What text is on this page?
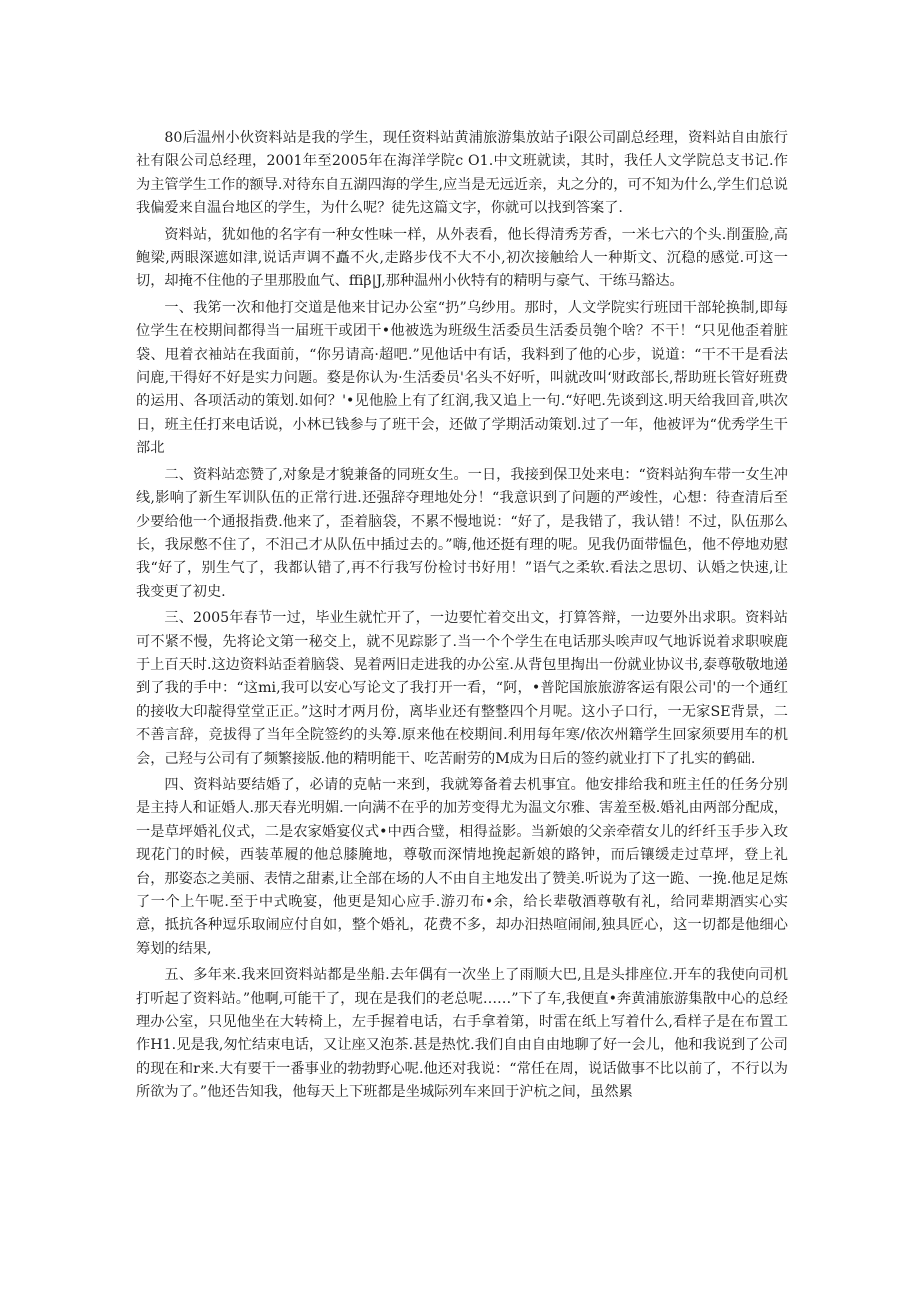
80后温州小伙资料站是我的学生，现任资料站黄浦旅游集放站子i限公司副总经理，资料站自由旅行社有限公司总经理，2001年至2005年在海洋学院c O1.中文班就读，其时，我任人文学院总支书记.作为主管学生工作的额导.对待东自五湖四海的学生,应当是无远近亲，丸之分的，可不知为什么,学生们总说我偏爱来自温台地区的学生，为什么呢？徒先这篇文字，你就可以找到答案了.

资料站，犹如他的名字有一种女性味一样，从外表看，他长得清秀芳香，一米七六的个头.削蛋脸,高鲍梁,两眼深遮如津,说话声调不矗不火,走路步伐不大不小,初次接触给人一种斯文、沉稳的感觉.可这一切，却掩不住他的子里那股血气、ffiβ|J,那种温州小伙特有的精明与豪气、干练马豁达。

一、我笫一次和他打交道是他来甘记办公室“扔”乌纱用。那时，人文学院实行班団干部轮换制,即每位学生在校期间都得当一届班干或团干•他被选为班级生活委员生活委员匏个啥？不干！“只见他歪着脏袋、甩着衣袖站在我面前，“你另请高·超吧.”见他话中有话，我料到了他的心步，说道：“干不干是看法问鹿,干得好不好是实力问题。婺是你认为·生活委员'名头不好听，叫就改叫‘财政部长,帮助班长管好班费的运用、各项活动的策划.如何？'•见他脸上有了红润,我又追上一句.“好吧.先谈到这.明天给我回音,哄次日，班主任打来电话说，小林已钱参与了班干会，还做了学期活动策划.过了一年，他被评为“优秀学生干部北

二、资料站恋赞了,对象是才貌兼备的同班女生。一日，我接到保卫处来电：“资料站狗车带一女生冲线,影响了新生军训队伍的正常行进.还强辞夺理地处分！“我意识到了问题的严竣性，心想：待查清后至少要给他一个通报指费.他来了，歪着脑袋，不累不慢地说：“好了，是我错了，我认错！不过，队伍那么长，我尿憋不住了，不汨己才从队伍中插过去的。”嗨,他还挺有理的呢。见我仍面带愠色，他不停地劝慰我“好了，别生气了，我都认错了,再不行我写份检讨书好用！”语气之柔软.看法之思切、认婚之快速,让我变更了初史.

三、2005年春节一过，毕业生就忙开了，一边要忙着交出文，打算答辩，一边要外出求职。资料站可不紧不慢，先将论文第一秘交上，就不见踪影了.当一个个学生在电话那头唉声叹气地诉说着求职唳鹿于上百天时.这边资料站歪着脑袋、晃着两旧走进我的办公室.从背包里掏出一份就业协议书,泰尊敬敬地递到了我的手中：“这mi,我可以安心写论文了我打开一看，“阿，•普陀国旅旅游客运有限公司'的一个通红的接收大印靛得堂堂正正。”这时才两月份，离毕业还有整整四个月呢。这小子口行，一无家SE背景，二不善言辞，竞拔得了当年全院签约的头筹.原来他在校期间.利用每年寒/依次州籍学生回家须要用车的机会，己羟与公司有了频繁接版.他的精明能干、吃苦耐劳的M成为日后的签约就业打下了扎实的鹤础.

四、资料站要结婚了，必请的克帖一来到，我就筹备着去机事宜。他安排给我和班主任的任务分别是主持人和证婚人.那天春光明媚.一向满不在乎的加芳变得尤为温文尔雅、害羞至极.婚礼由两部分配成，一是草坪婚礼仪式，二是农家婚宴仪式•中西合璧，相得益影。当新娘的父亲牵蓿女儿的纤纤玉手步入玫现花门的时候，西装革履的他总膝腌地，尊敬而深情地挽起新娘的路钟，而后镶缓走过草坪，登上礼台，那姿态之美丽、表情之甜素,让全部在场的人不由自主地发出了赞美.听说为了这一跪、一挽.他足足炼了一个上午呢.至于中式晚宴，他更是知心应手.游刃布•余，给长辈敬酒尊敬有礼，给同辈期酒实心实意，抵抗各种逗乐取闹应付自如，整个婚礼，花费不多，却办汨热喧闹闹,独具匠心，这一切都是他细心筹划的结果,

五、多年来.我来回资料站都是坐船.去年偶有一次坐上了雨顺大巴,且是头排座位.开车的我使向司机打听起了资料站。”他啊,可能干了，现在是我们的老总呢……”下了车,我便直•奔黄浦旅游集散中心的总经理办公室，只见他坐在大转椅上，左手握着电话，右手拿着第，时雷在纸上写着什么,看样子是在布置工作H1.见是我,匆忙结束电话，又让座又泡茶.甚是热忱.我们自由自由地聊了好一会儿，他和我说到了公司的现在和r来.大有要干一番事业的勃勃野心呢.他还对我说：“常任在周，说话做事不比以前了，不行以为所欲为了。”他还告知我，他每天上下班都是坐城际列车来回于沪杭之间，虽然累
